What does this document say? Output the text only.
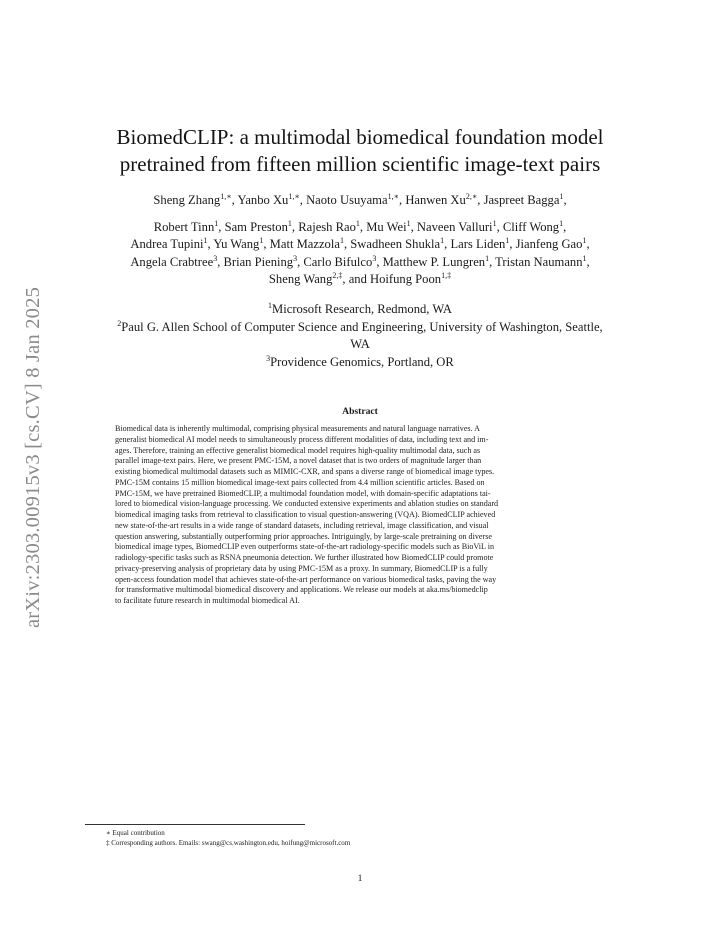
arXiv:2303.00915v3 [cs.CV] 8 Jan 2025
BiomedCLIP: a multimodal biomedical foundation model
pretrained from fifteen million scientific image-text pairs
Sheng Zhang$^{1,∗}$, Yanbo $Xu^{1,∗}$, Naoto Usuyama$^{1,∗}$, Hanwen $Xu^{2,∗}$, Jaspreet Bagga$^1$,
Robert Tinn$^1$, Sam Preston$^1$, Rajesh Rao$^1$, Mu Wei$^1$, Naveen Valluri$^1$, Cliff Wong$^1$,
Andrea Tupini$^1$, Yu Wang$^1$, Matt Mazzola$^1$, Swadheen Shukla$^1$, Lars Liden$^1$, Jianfeng Gao$^1$,
Angela Crabtree$^3$, Brian Piening$^3$, Carlo Bifulco$^3$, Matthew P. Lungren$^1$, Tristan Naumann$^1$,
Sheng Wang$^{2,\ddagger}$, and Hoifung Poon$^{1,\ddagger}$
$^1$Microsoft Research, Redmond, WA
$^2$Paul G. Allen School of Computer Science and Engineering, University of Washington, Seattle,
WA
$^3$Providence Genomics, Portland, OR
Abstract
Biomedical data is inherently multimodal, comprising physical measurements and natural language narratives. A
generalist biomedical AI model needs to simultaneously process different modalities of data, including text and im-
ages. Therefore, training an effective generalist biomedical model requires high-quality multimodal data, such as
parallel image-text pairs. Here, we present PMC-15M, a novel dataset that is two orders of magnitude larger than
existing biomedical multimodal datasets such as MIMIC-CXR, and spans a diverse range of biomedical image types.
PMC-15M contains 15 million biomedical image-text pairs collected from 4.4 million scientific articles. Based on
PMC-15M, we have pretrained BiomedCLIP, a multimodal foundation model, with domain-specific adaptations tai-
lored to biomedical vision-language processing. We conducted extensive experiments and ablation studies on standard
biomedical imaging tasks from retrieval to classification to visual question-answering (VQA). BiomedCLIP achieved
new state-of-the-art results in a wide range of standard datasets, including retrieval, image classification, and visual
question answering, substantially outperforming prior approaches. Intriguingly, by large-scale pretraining on diverse
biomedical image types, BiomedCLIP even outperforms state-of-the-art radiology-specific models such as BioViL in
radiology-specific tasks such as RSNA pneumonia detection. We further illustrated how BiomedCLIP could promote
privacy-preserving analysis of proprietary data by using PMC-15M as a proxy. In summary, BiomedCLIP is a fully
open-access foundation model that achieves state-of-the-art performance on various biomedical tasks, paving the way
for transformative multimodal biomedical discovery and applications. We release our models at aka.ms/biomedclip
to facilitate future research in multimodal biomedical AI.
∗ Equal contribution
‡ Corresponding authors. Emails: swang@cs.washington.edu, hoifung@microsoft.com
1
